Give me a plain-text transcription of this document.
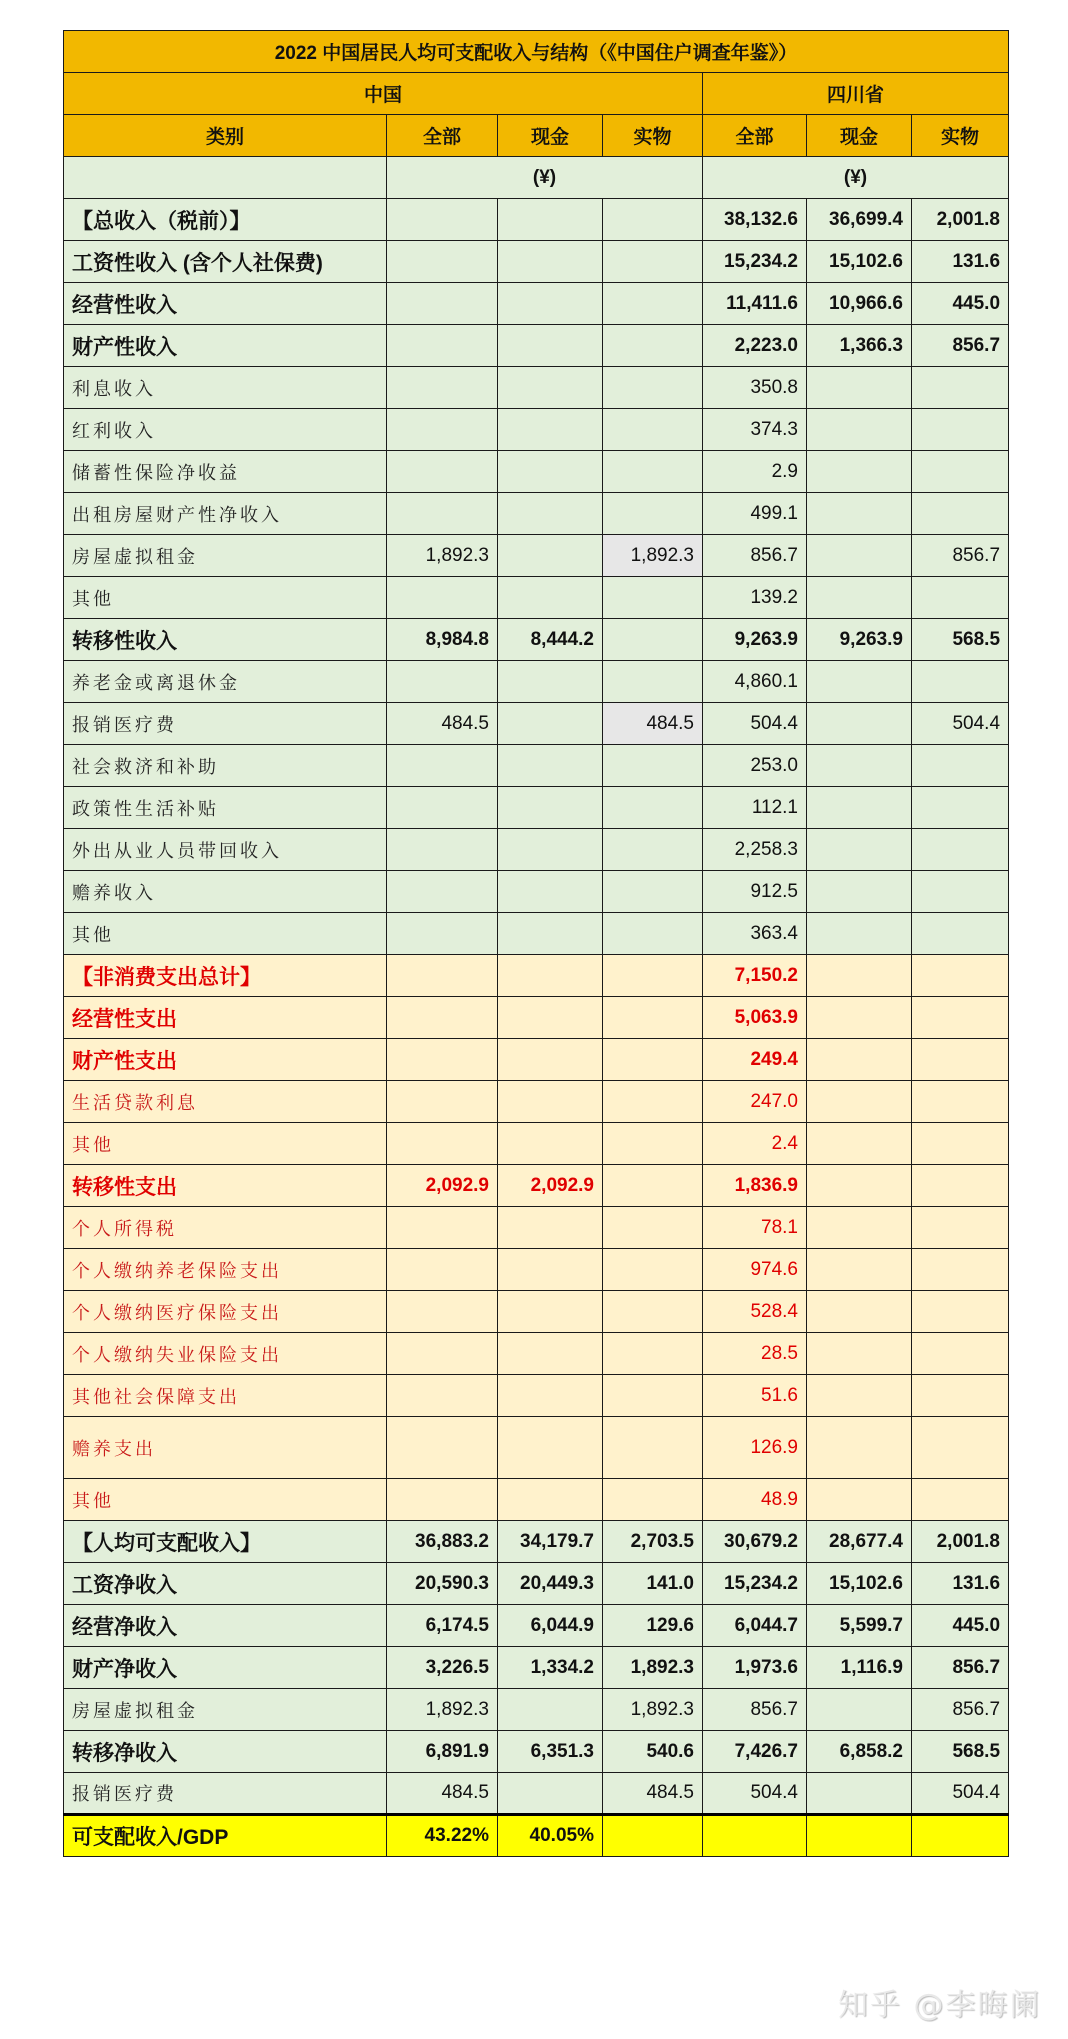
2022 中国居民人均可支配收入与结构（《中国住户调查年鉴》）						
中国				四川省		
类别	全部	现金	实物	全部	现金	实物
	(¥)			(¥)		
【总收入（税前）】				38,132.6	36,699.4	2,001.8
工资性收入 (含个人社保费)				15,234.2	15,102.6	131.6
经营性收入				11,411.6	10,966.6	445.0
财产性收入				2,223.0	1,366.3	856.7
利息收入				350.8		
红利收入				374.3		
储蓄性保险净收益				2.9		
出租房屋财产性净收入				499.1		
房屋虚拟租金	1,892.3		1,892.3	856.7		856.7
其他				139.2		
转移性收入	8,984.8	8,444.2		9,263.9	9,263.9	568.5
养老金或离退休金				4,860.1		
报销医疗费	484.5		484.5	504.4		504.4
社会救济和补助				253.0		
政策性生活补贴				112.1		
外出从业人员带回收入				2,258.3		
赡养收入				912.5		
其他				363.4		
【非消费支出总计】				7,150.2		
经营性支出				5,063.9		
财产性支出				249.4		
生活贷款利息				247.0		
其他				2.4		
转移性支出	2,092.9	2,092.9		1,836.9		
个人所得税				78.1		
个人缴纳养老保险支出				974.6		
个人缴纳医疗保险支出				528.4		
个人缴纳失业保险支出				28.5		
其他社会保障支出				51.6		
赡养支出				126.9		
其他				48.9		
【人均可支配收入】	36,883.2	34,179.7	2,703.5	30,679.2	28,677.4	2,001.8
工资净收入	20,590.3	20,449.3	141.0	15,234.2	15,102.6	131.6
经营净收入	6,174.5	6,044.9	129.6	6,044.7	5,599.7	445.0
财产净收入	3,226.5	1,334.2	1,892.3	1,973.6	1,116.9	856.7
房屋虚拟租金	1,892.3		1,892.3	856.7		856.7
转移净收入	6,891.9	6,351.3	540.6	7,426.7	6,858.2	568.5
报销医疗费	484.5		484.5	504.4		504.4
可支配收入/GDP	43.22%	40.05%				
知乎 @李晦阑
